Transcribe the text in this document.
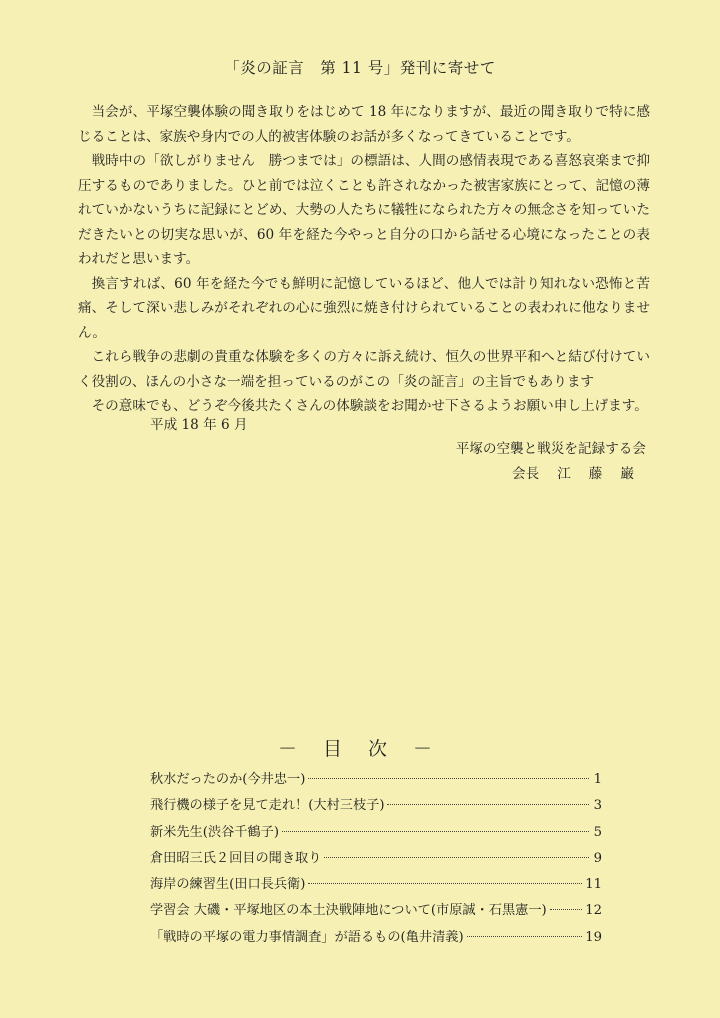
「炎の証言　第 11 号」発刊に寄せて

当会が、平塚空襲体験の聞き取りをはじめて 18 年になりますが、最近の聞き取りで特に感じることは、家族や身内での人的被害体験のお話が多くなってきていることです。

戦時中の「欲しがりません　勝つまでは」の標語は、人間の感情表現である喜怒哀楽まで抑圧するものでありました。ひと前では泣くことも許されなかった被害家族にとって、記憶の薄れていかないうちに記録にとどめ、大勢の人たちに犠牲になられた方々の無念さを知っていただきたいとの切実な思いが、60 年を経た今やっと自分の口から話せる心境になったことの表われだと思います。

換言すれば、60 年を経た今でも鮮明に記憶しているほど、他人では計り知れない恐怖と苦痛、そして深い悲しみがそれぞれの心に強烈に焼き付けられていることの表われに他なりません。

これら戦争の悲劇の貴重な体験を多くの方々に訴え続け、恒久の世界平和へと結び付けていく役割の、ほんの小さな一端を担っているのがこの「炎の証言」の主旨でもあります

その意味でも、どうぞ今後共たくさんの体験談をお聞かせ下さるようお願い申し上げます。

平成 18 年 6 月
平塚の空襲と戦災を記録する会
会長 江 藤 巌
－ 目 次 －
秋水だったのか(今井忠一)	1
飛行機の様子を見て走れ！(大村三枝子)	3
新米先生(渋谷千鶴子)	5
倉田昭三氏２回目の聞き取り	9
海岸の練習生(田口長兵衛)	11
学習会 大磯・平塚地区の本土決戦陣地について(市原誠・石黒憲一)	12
「戦時の平塚の電力事情調査」が語るもの(亀井清義)	19
